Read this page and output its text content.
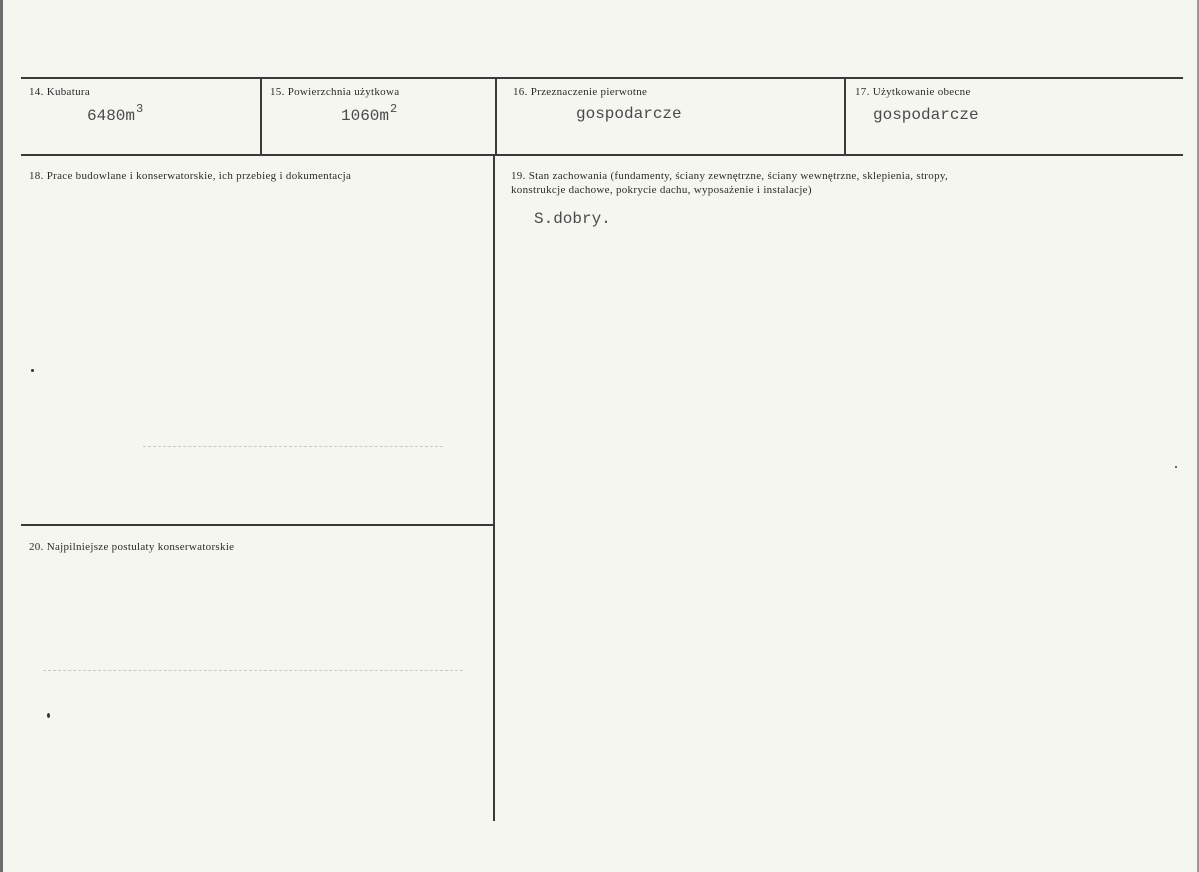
14. Kubatura
$6480m^3$
15. Powierzchnia użytkowa
$1060m^2$
16. Przeznaczenie pierwotne
gospodarcze
17. Użytkowanie obecne
gospodarcze
18. Prace budowlane i konserwatorskie, ich przebieg i dokumentacja	19. Stan zachowania (fundamenty, ściany zewnętrzne, ściany wewnętrzne, sklepienia, stropy,
konstrukcje dachowe, pokrycie dachu, wyposażenie i instalacje)
S.dobry.
20. Najpilniejsze postulaty konserwatorskie
